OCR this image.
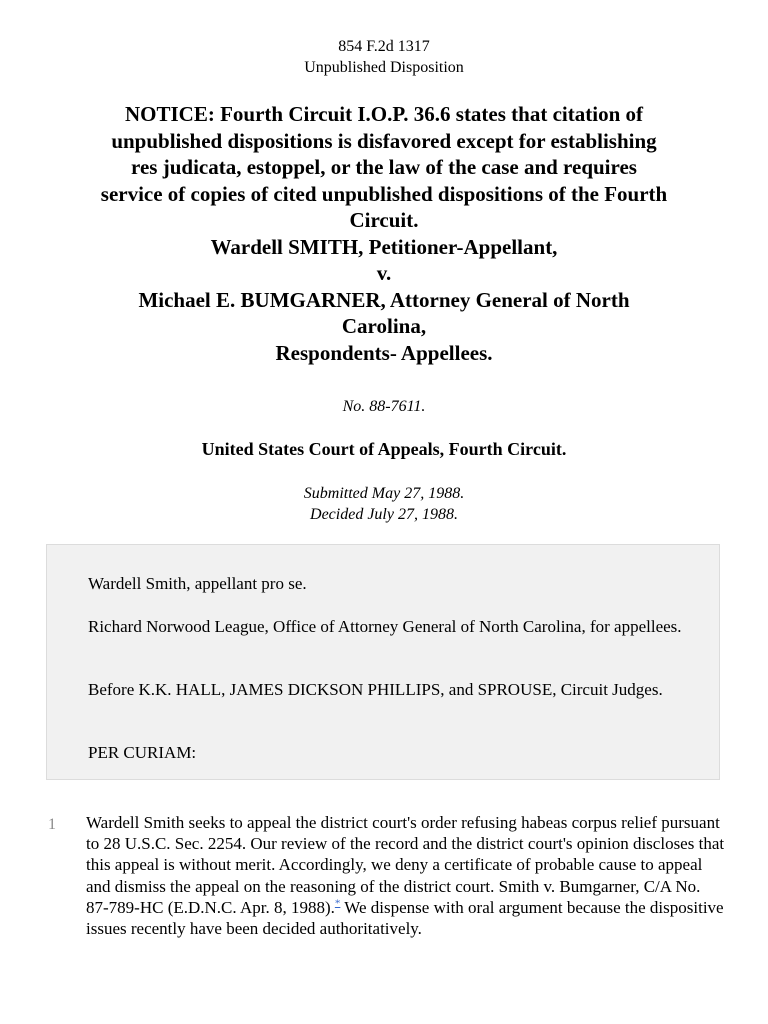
854 F.2d 1317
Unpublished Disposition
NOTICE: Fourth Circuit I.O.P. 36.6 states that citation of
unpublished dispositions is disfavored except for establishing
res judicata, estoppel, or the law of the case and requires
service of copies of cited unpublished dispositions of the Fourth
Circuit.
Wardell SMITH, Petitioner-Appellant,
v.
Michael E. BUMGARNER, Attorney General of North
Carolina,
Respondents- Appellees.
No. 88-7611.
United States Court of Appeals, Fourth Circuit.
Submitted May 27, 1988.
Decided July 27, 1988.
Wardell Smith, appellant pro se.
Richard Norwood League, Office of Attorney General of North Carolina, for appellees.
Before K.K. HALL, JAMES DICKSON PHILLIPS, and SPROUSE, Circuit Judges.
PER CURIAM:
1 Wardell Smith seeks to appeal the district court's order refusing habeas corpus relief pursuant to 28 U.S.C. Sec. 2254. Our review of the record and the district court's opinion discloses that this appeal is without merit. Accordingly, we deny a certificate of probable cause to appeal and dismiss the appeal on the reasoning of the district court. Smith v. Bumgarner, C/A No. 87-789-HC (E.D.N.C. Apr. 8, 1988).* We dispense with oral argument because the dispositive issues recently have been decided authoritatively.
